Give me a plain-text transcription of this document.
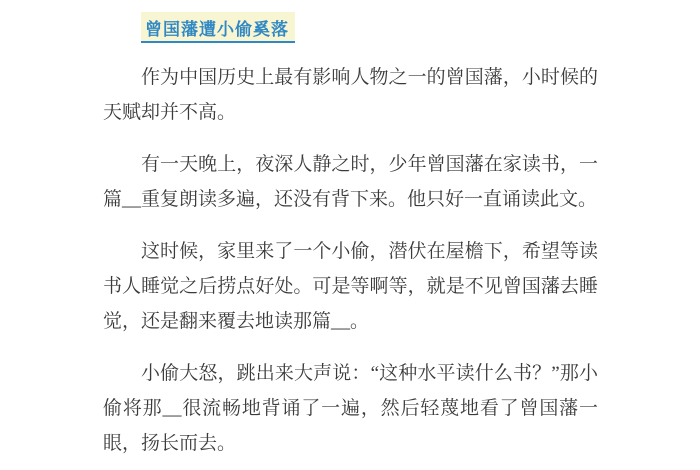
曾国藩遭小偷奚落

作为中国历史上最有影响人物之一的曾国藩，小时候的天赋却并不高。

有一天晚上，夜深人静之时，少年曾国藩在家读书，一篇__重复朗读多遍，还没有背下来。他只好一直诵读此文。

这时候，家里来了一个小偷，潜伏在屋檐下，希望等读书人睡觉之后捞点好处。可是等啊等，就是不见曾国藩去睡觉，还是翻来覆去地读那篇__。

小偷大怒，跳出来大声说：“这种水平读什么书？”那小偷将那__很流畅地背诵了一遍，然后轻蔑地看了曾国藩一眼，扬长而去。
